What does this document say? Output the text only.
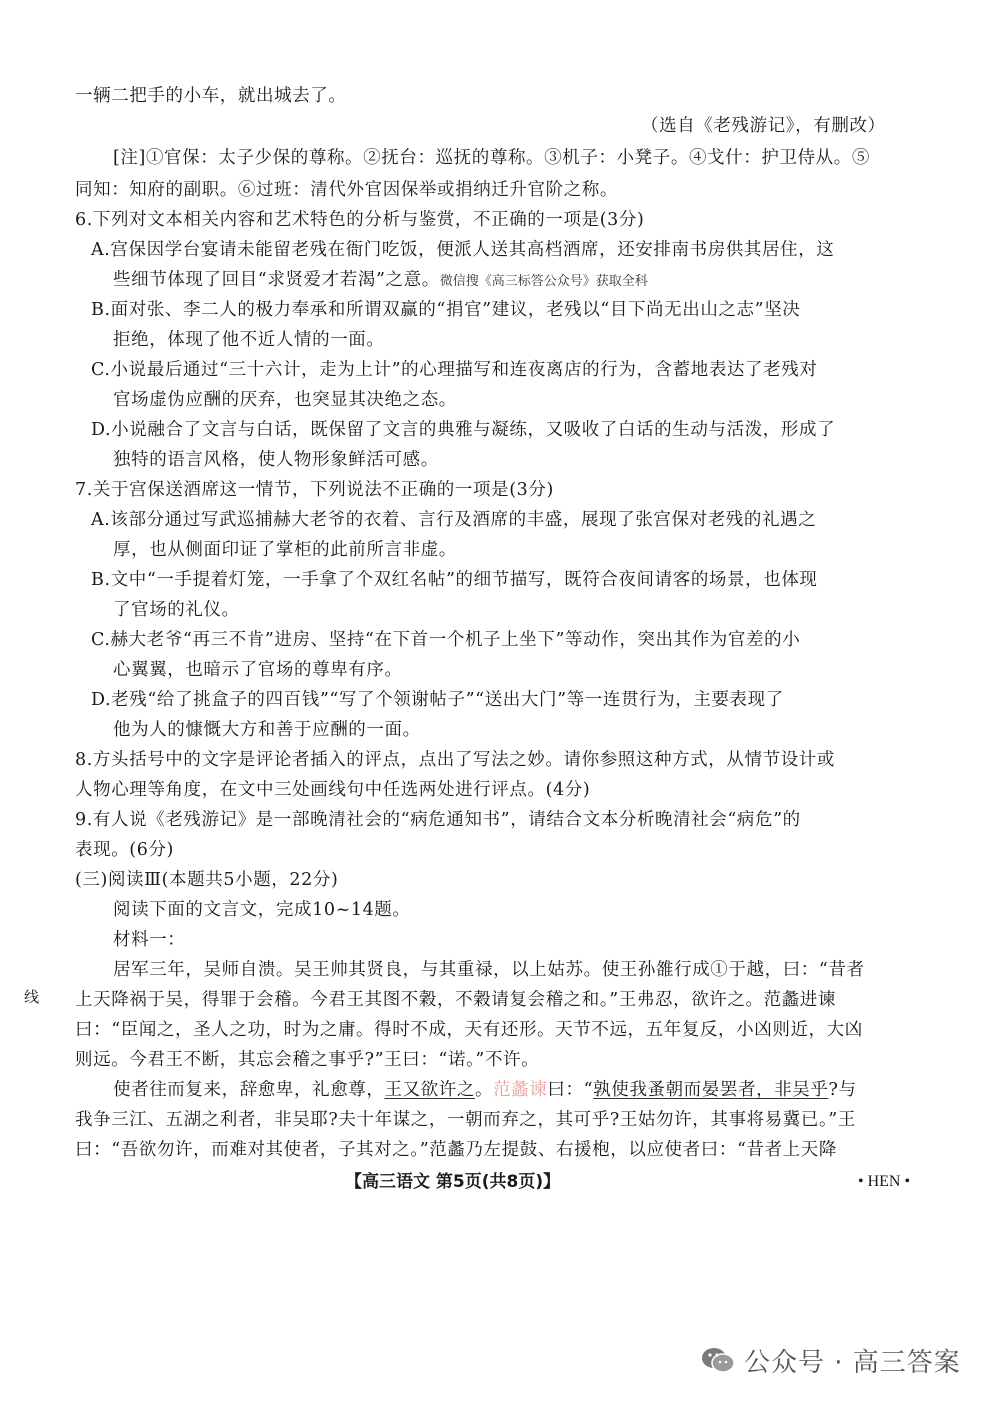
一辆二把手的小车，就出城去了。
（选自《老残游记》，有删改）
[注]①官保：太子少保的尊称。②抚台：巡抚的尊称。③机子：小凳子。④戈什：护卫侍从。⑤
同知：知府的副职。⑥过班：清代外官因保举或捐纳迁升官阶之称。
6.下列对文本相关内容和艺术特色的分析与鉴赏，不正确的一项是(3分)
A.宫保因学台宴请未能留老残在衙门吃饭，便派人送其高档酒席，还安排南书房供其居住，这
些细节体现了回目“求贤爱才若渴”之意。微信搜《高三标答公众号》获取全科
B.面对张、李二人的极力奉承和所谓双赢的“捐官”建议，老残以“目下尚无出山之志”坚决
拒绝，体现了他不近人情的一面。
C.小说最后通过“三十六计，走为上计”的心理描写和连夜离店的行为，含蓄地表达了老残对
官场虚伪应酬的厌弃，也突显其决绝之态。
D.小说融合了文言与白话，既保留了文言的典雅与凝练，又吸收了白话的生动与活泼，形成了
独特的语言风格，使人物形象鲜活可感。
7.关于宫保送酒席这一情节，下列说法不正确的一项是(3分)
A.该部分通过写武巡捕赫大老爷的衣着、言行及酒席的丰盛，展现了张宫保对老残的礼遇之
厚，也从侧面印证了掌柜的此前所言非虚。
B.文中“一手提着灯笼，一手拿了个双红名帖”的细节描写，既符合夜间请客的场景，也体现
了官场的礼仪。
C.赫大老爷“再三不肯”进房、坚持“在下首一个机子上坐下”等动作，突出其作为官差的小
心翼翼，也暗示了官场的尊卑有序。
D.老残“给了挑盒子的四百钱”“写了个领谢帖子”“送出大门”等一连贯行为，主要表现了
他为人的慷慨大方和善于应酬的一面。
8.方头括号中的文字是评论者插入的评点，点出了写法之妙。请你参照这种方式，从情节设计或
人物心理等角度，在文中三处画线句中任选两处进行评点。(4分)
9.有人说《老残游记》是一部晚清社会的“病危通知书”，请结合文本分析晚清社会“病危”的
表现。(6分)
(三)阅读Ⅲ(本题共5小题，22分)
阅读下面的文言文，完成10~14题。
材料一：
居军三年，吴师自溃。吴王帅其贤良，与其重禄，以上姑苏。使王孙雒行成①于越，曰：“昔者
上天降祸于吴，得罪于会稽。今君王其图不穀，不穀请复会稽之和。”王弗忍，欲许之。范蠡进谏
曰：“臣闻之，圣人之功，时为之庸。得时不成，天有还形。天节不远，五年复反，小凶则近，大凶
则远。今君王不断，其忘会稽之事乎?”王曰：“诺。”不许。
使者往而复来，辞愈卑，礼愈尊，王又欲许之。范蠡谏曰：“孰使我蚤朝而晏罢者，非吴乎?与
我争三江、五湖之利者，非吴耶?夫十年谋之，一朝而弃之，其可乎?王姑勿许，其事将易冀已。”王
曰：“吾欲勿许，而难对其使者，子其对之。”范蠡乃左提鼓、右援枹，以应使者曰：“昔者上天降
线
【高三语文 第5页(共8页)】	• HEN •
公众号 · 高三答案
